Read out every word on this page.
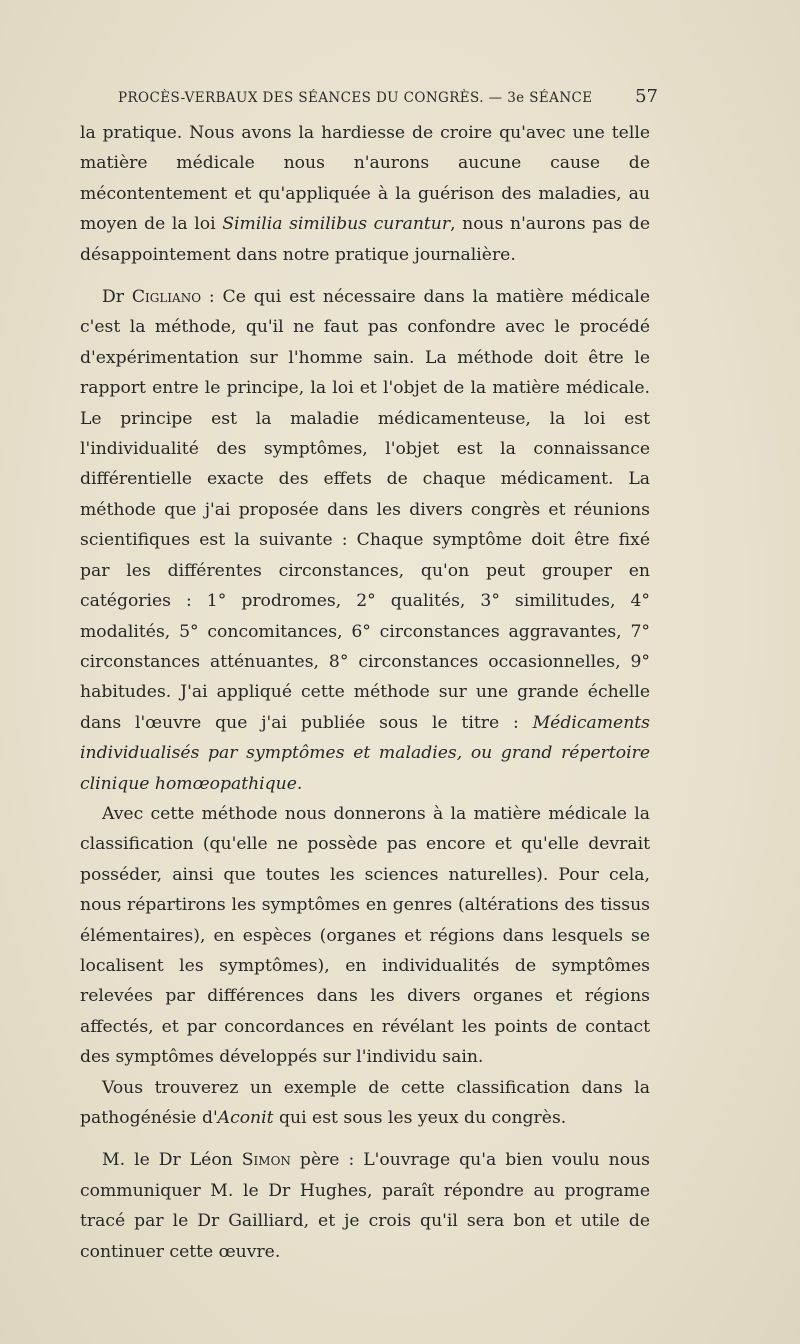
PROCÈS-VERBAUX DES SÉANCES DU CONGRÈS. — 3e SÉANCE 57

la pratique. Nous avons la hardiesse de croire qu'avec une telle matière médicale nous n'aurons aucune cause de mécontentement et qu'appliquée à la guérison des maladies, au moyen de la loi Similia similibus curantur, nous n'aurons pas de désappointement dans notre pratique journalière.

Dr Cigliano : Ce qui est nécessaire dans la matière médicale c'est la méthode, qu'il ne faut pas confondre avec le procédé d'expérimentation sur l'homme sain. La méthode doit être le rapport entre le principe, la loi et l'objet de la matière médicale. Le principe est la maladie médicamenteuse, la loi est l'individualité des symptômes, l'objet est la connaissance différentielle exacte des effets de chaque médicament. La méthode que j'ai proposée dans les divers congrès et réunions scientifiques est la suivante : Chaque symptôme doit être fixé par les différentes circonstances, qu'on peut grouper en catégories : 1° prodromes, 2° qualités, 3° similitudes, 4° modalités, 5° concomitances, 6° circonstances aggravantes, 7° circonstances atténuantes, 8° circonstances occasionnelles, 9° habitudes. J'ai appliqué cette méthode sur une grande échelle dans l'œuvre que j'ai publiée sous le titre : Médicaments individualisés par symptômes et maladies, ou grand répertoire clinique homœopathique.

Avec cette méthode nous donnerons à la matière médicale la classification (qu'elle ne possède pas encore et qu'elle devrait posséder, ainsi que toutes les sciences naturelles). Pour cela, nous répartirons les symptômes en genres (altérations des tissus élémentaires), en espèces (organes et régions dans lesquels se localisent les symptômes), en individualités de symptômes relevées par différences dans les divers organes et régions affectés, et par concordances en révélant les points de contact des symptômes développés sur l'individu sain.

Vous trouverez un exemple de cette classification dans la pathogénésie d'Aconit qui est sous les yeux du congrès.

M. le Dr Léon Simon père : L'ouvrage qu'a bien voulu nous communiquer M. le Dr Hughes, paraît répondre au programe tracé par le Dr Gailliard, et je crois qu'il sera bon et utile de continuer cette œuvre.
